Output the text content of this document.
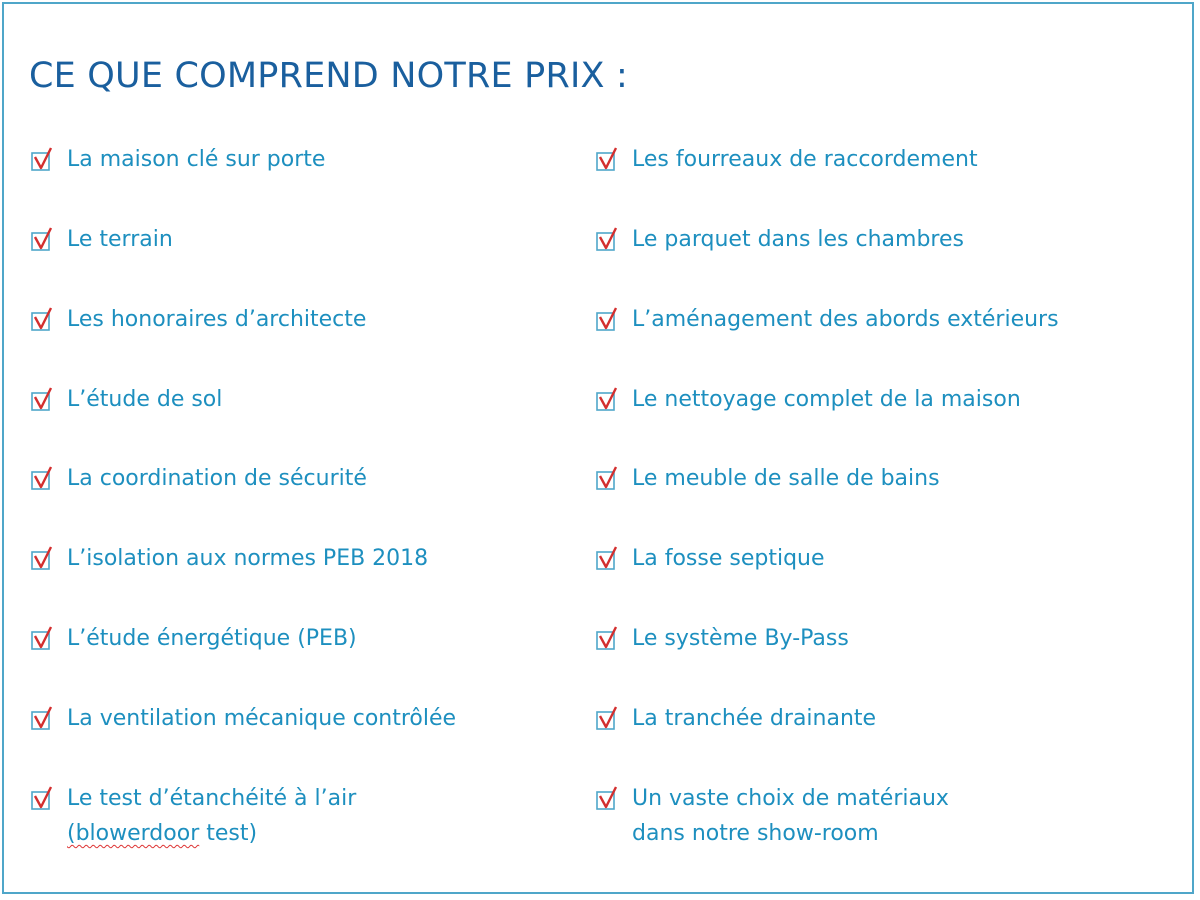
CE QUE COMPREND NOTRE PRIX :
La maison clé sur porte
Le terrain
Les honoraires d’architecte
L’étude de sol
La coordination de sécurité
L’isolation aux normes PEB 2018
L’étude énergétique (PEB)
La ventilation mécanique contrôlée
Le test d’étanchéité à l’air
(blowerdoor test)
Les fourreaux de raccordement
Le parquet dans les chambres
L’aménagement des abords extérieurs
Le nettoyage complet de la maison
Le meuble de salle de bains
La fosse septique
Le système By-Pass
La tranchée drainante
Un vaste choix de matériaux
dans notre show-room
